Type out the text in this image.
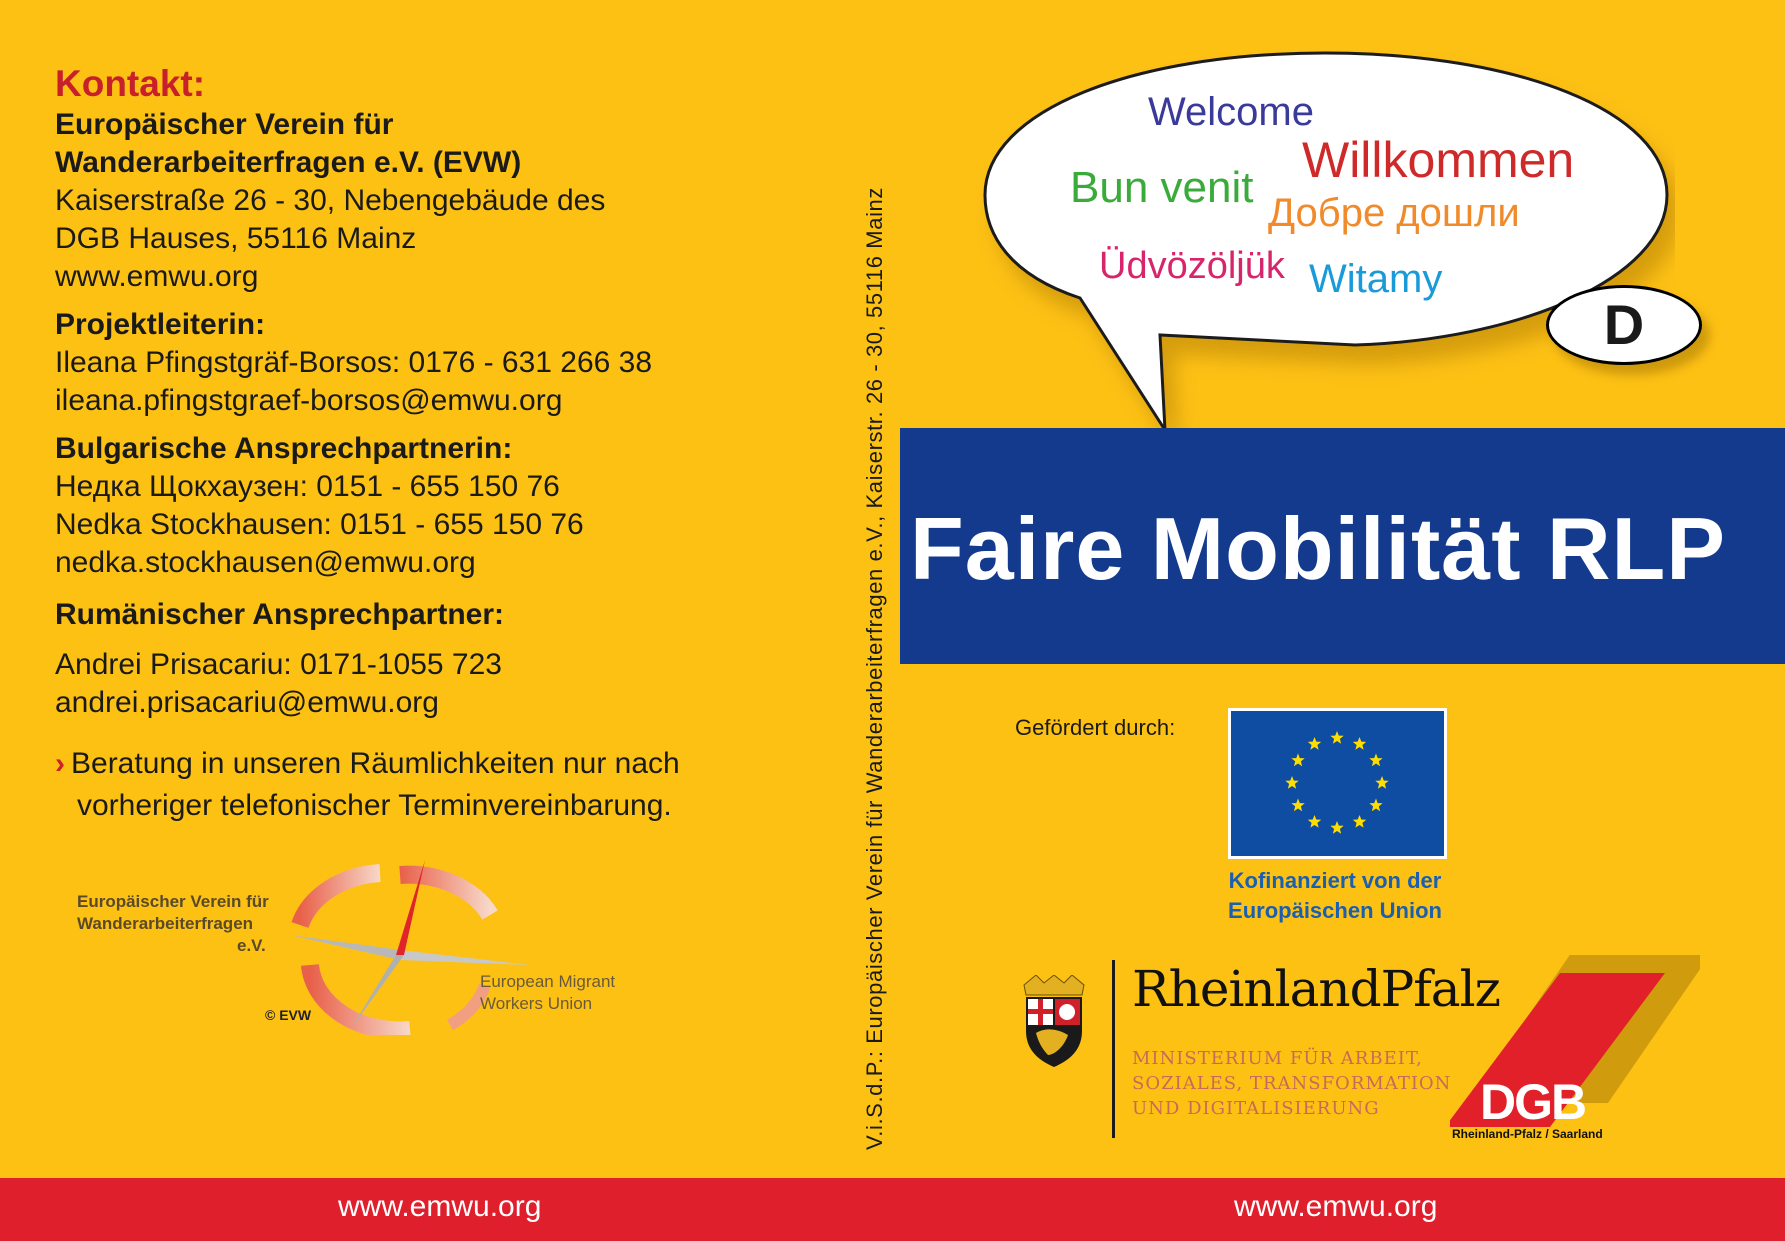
Kontakt:
Europäischer Verein für
Wanderarbeiterfragen e.V. (EVW)
Kaiserstraße 26 - 30, Nebengebäude des
DGB Hauses, 55116 Mainz
www.emwu.org
Projektleiterin:
Ileana Pfingstgräf-Borsos: 0176 - 631 266 38
ileana.pfingstgraef-borsos@emwu.org
Bulgarische Ansprechpartnerin:
Недка Щокхаузен: 0151 - 655 150 76
Nedka Stockhausen: 0151 - 655 150 76
nedka.stockhausen@emwu.org
Rumänischer Ansprechpartner:
Andrei Prisacariu: 0171-1055 723
andrei.prisacariu@emwu.org
› Beratung in unseren Räumlichkeiten nur nach
vorheriger telefonischer Terminvereinbarung.
Europäischer Verein für
Wanderarbeiterfragen
e.V.
© EVW
European Migrant
Workers Union	V.i.S.d.P.: Europäischer Verein für Wanderarbeiterfragen e.V., Kaiserstr. 26 - 30, 55116 Mainz
Welcome
Willkommen
Bun venit
Добре дошли
Üdvözöljük Witamy
D
Faire Mobilität RLP
Gefördert durch:
Kofinanziert von der
Europäischen Union
RheinlandPfalz
MINISTERIUM FÜR ARBEIT,
SOZIALES, TRANSFORMATION
UND DIGITALISIERUNG	DGB
Rheinland-Pfalz / Saarland
www.emwu.org	www.emwu.org
